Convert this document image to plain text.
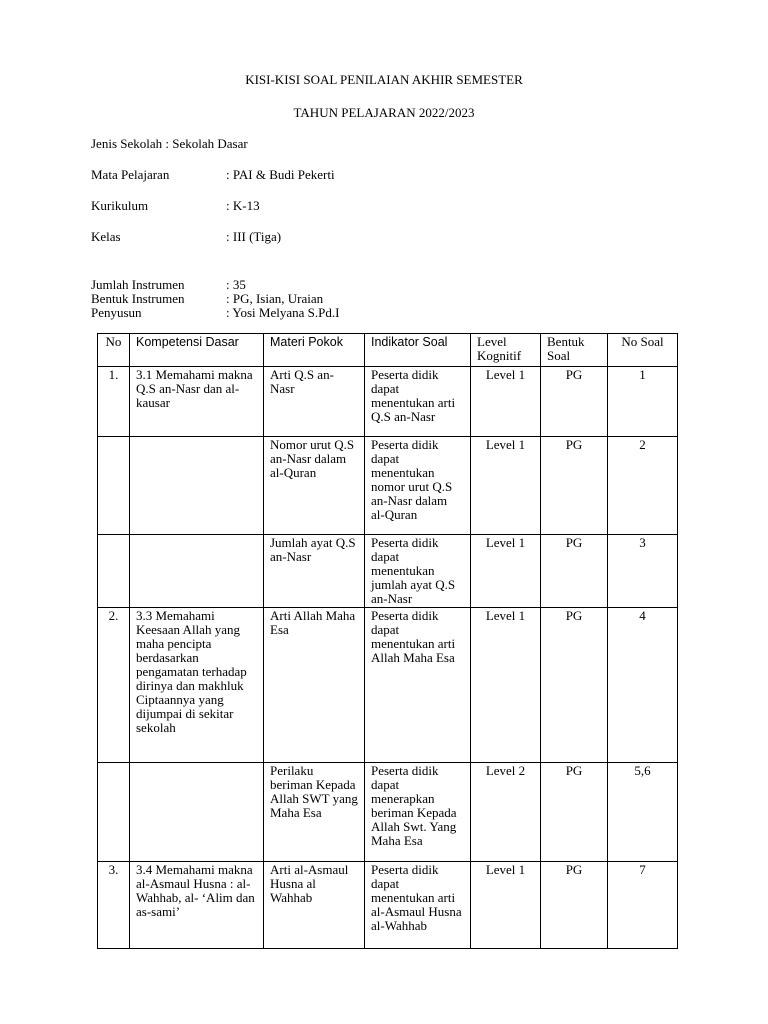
KISI-KISI SOAL PENILAIAN AKHIR SEMESTER
TAHUN PELAJARAN 2022/2023
Jenis Sekolah : Sekolah Dasar
Mata Pelajaran	: PAI & Budi Pekerti
Kurikulum	: K-13
Kelas	: III (Tiga)
Jumlah Instrumen	: 35
Bentuk Instrumen	: PG, Isian, Uraian
Penyusun	: Yosi Melyana S.Pd.I
No	Kompetensi Dasar	Materi Pokok	Indikator Soal	Level Kognitif	Bentuk Soal	No Soal
1.	3.1 Memahami makna Q.S an-Nasr dan al-kausar	Arti Q.S an-Nasr	Peserta didik dapat menentukan arti Q.S an-Nasr	Level 1	PG	1
		Nomor urut Q.S an-Nasr dalam al-Quran	Peserta didik dapat menentukan nomor urut Q.S an-Nasr dalam al-Quran	Level 1	PG	2
		Jumlah ayat Q.S an-Nasr	Peserta didik dapat menentukan jumlah ayat Q.S an-Nasr	Level 1	PG	3
2.	3.3 Memahami Keesaan Allah yang maha pencipta berdasarkan pengamatan terhadap dirinya dan makhluk Ciptaannya yang dijumpai di sekitar sekolah	Arti Allah Maha Esa	Peserta didik dapat menentukan arti Allah Maha Esa	Level 1	PG	4
		Perilaku beriman Kepada Allah SWT yang Maha Esa	Peserta didik dapat menerapkan beriman Kepada Allah Swt. Yang Maha Esa	Level 2	PG	5,6
3.	3.4 Memahami makna al-Asmaul Husna : al-Wahhab, al- ‘Alim dan as-sami’	Arti al-Asmaul Husna al Wahhab	Peserta didik dapat menentukan arti al-Asmaul Husna al-Wahhab	Level 1	PG	7
